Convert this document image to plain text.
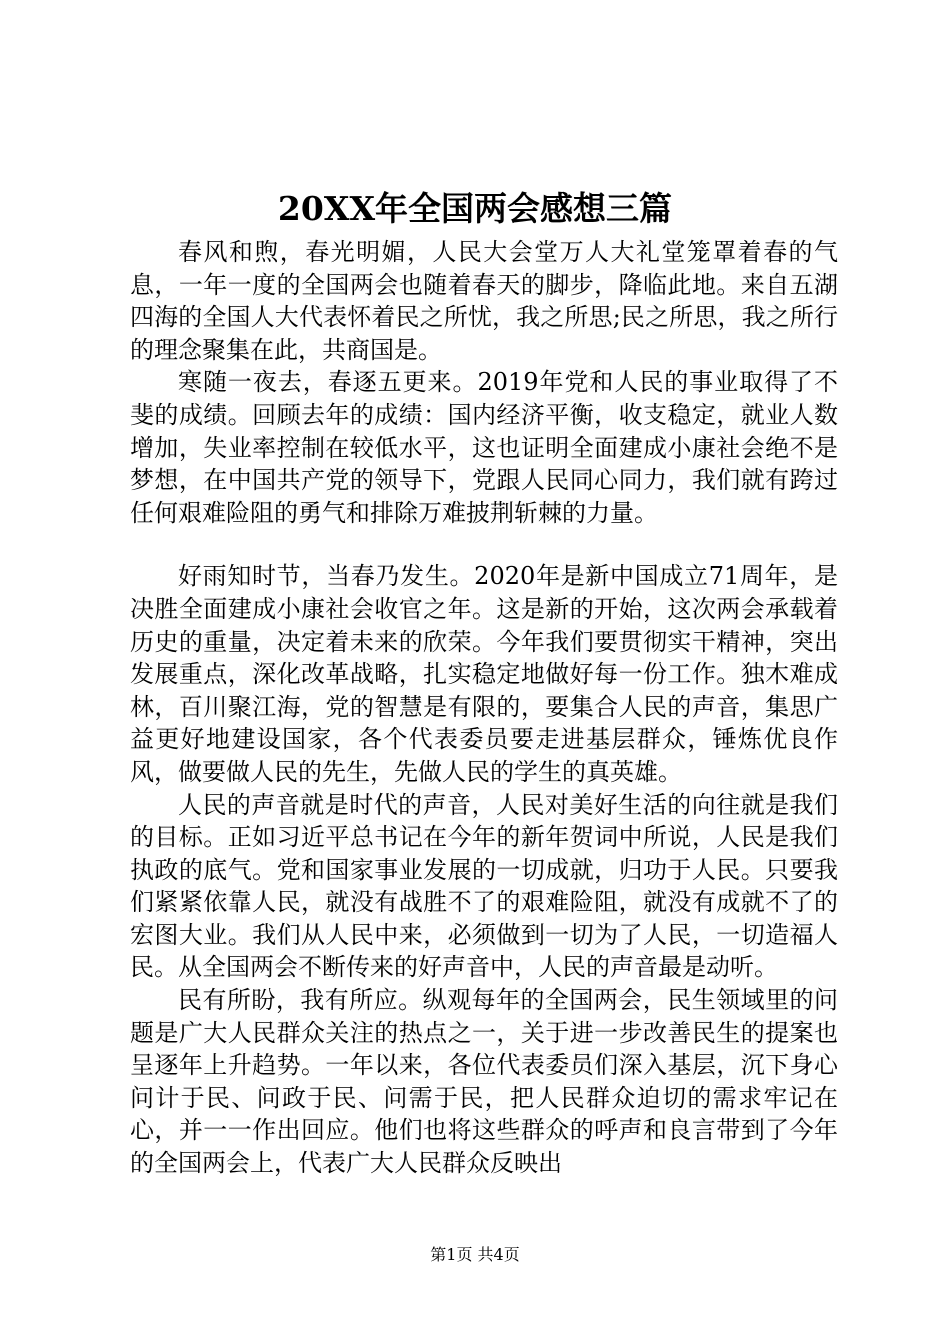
20XX年全国两会感想三篇

春风和煦，春光明媚，人民大会堂万人大礼堂笼罩着春的气息，一年一度的全国两会也随着春天的脚步，降临此地。来自五湖四海的全国人大代表怀着民之所忧，我之所思;民之所思，我之所行的理念聚集在此，共商国是。

寒随一夜去，春逐五更来。2019年党和人民的事业取得了不斐的成绩。回顾去年的成绩：国内经济平衡，收支稳定，就业人数增加，失业率控制在较低水平，这也证明全面建成小康社会绝不是梦想，在中国共产党的领导下，党跟人民同心同力，我们就有跨过任何艰难险阻的勇气和排除万难披荆斩棘的力量。

好雨知时节，当春乃发生。2020年是新中国成立71周年，是决胜全面建成小康社会收官之年。这是新的开始，这次两会承载着历史的重量，决定着未来的欣荣。今年我们要贯彻实干精神，突出发展重点，深化改革战略，扎实稳定地做好每一份工作。独木难成林，百川聚江海，党的智慧是有限的，要集合人民的声音，集思广益更好地建设国家，各个代表委员要走进基层群众，锤炼优良作风，做要做人民的先生，先做人民的学生的真英雄。

人民的声音就是时代的声音，人民对美好生活的向往就是我们的目标。正如习近平总书记在今年的新年贺词中所说，人民是我们执政的底气。党和国家事业发展的一切成就，归功于人民。只要我们紧紧依靠人民，就没有战胜不了的艰难险阻，就没有成就不了的宏图大业。我们从人民中来，必须做到一切为了人民，一切造福人民。从全国两会不断传来的好声音中，人民的声音最是动听。

民有所盼，我有所应。纵观每年的全国两会，民生领域里的问题是广大人民群众关注的热点之一，关于进一步改善民生的提案也呈逐年上升趋势。一年以来，各位代表委员们深入基层，沉下身心问计于民、问政于民、问需于民，把人民群众迫切的需求牢记在心，并一一作出回应。他们也将这些群众的呼声和良言带到了今年的全国两会上，代表广大人民群众反映出

第1页 共4页
